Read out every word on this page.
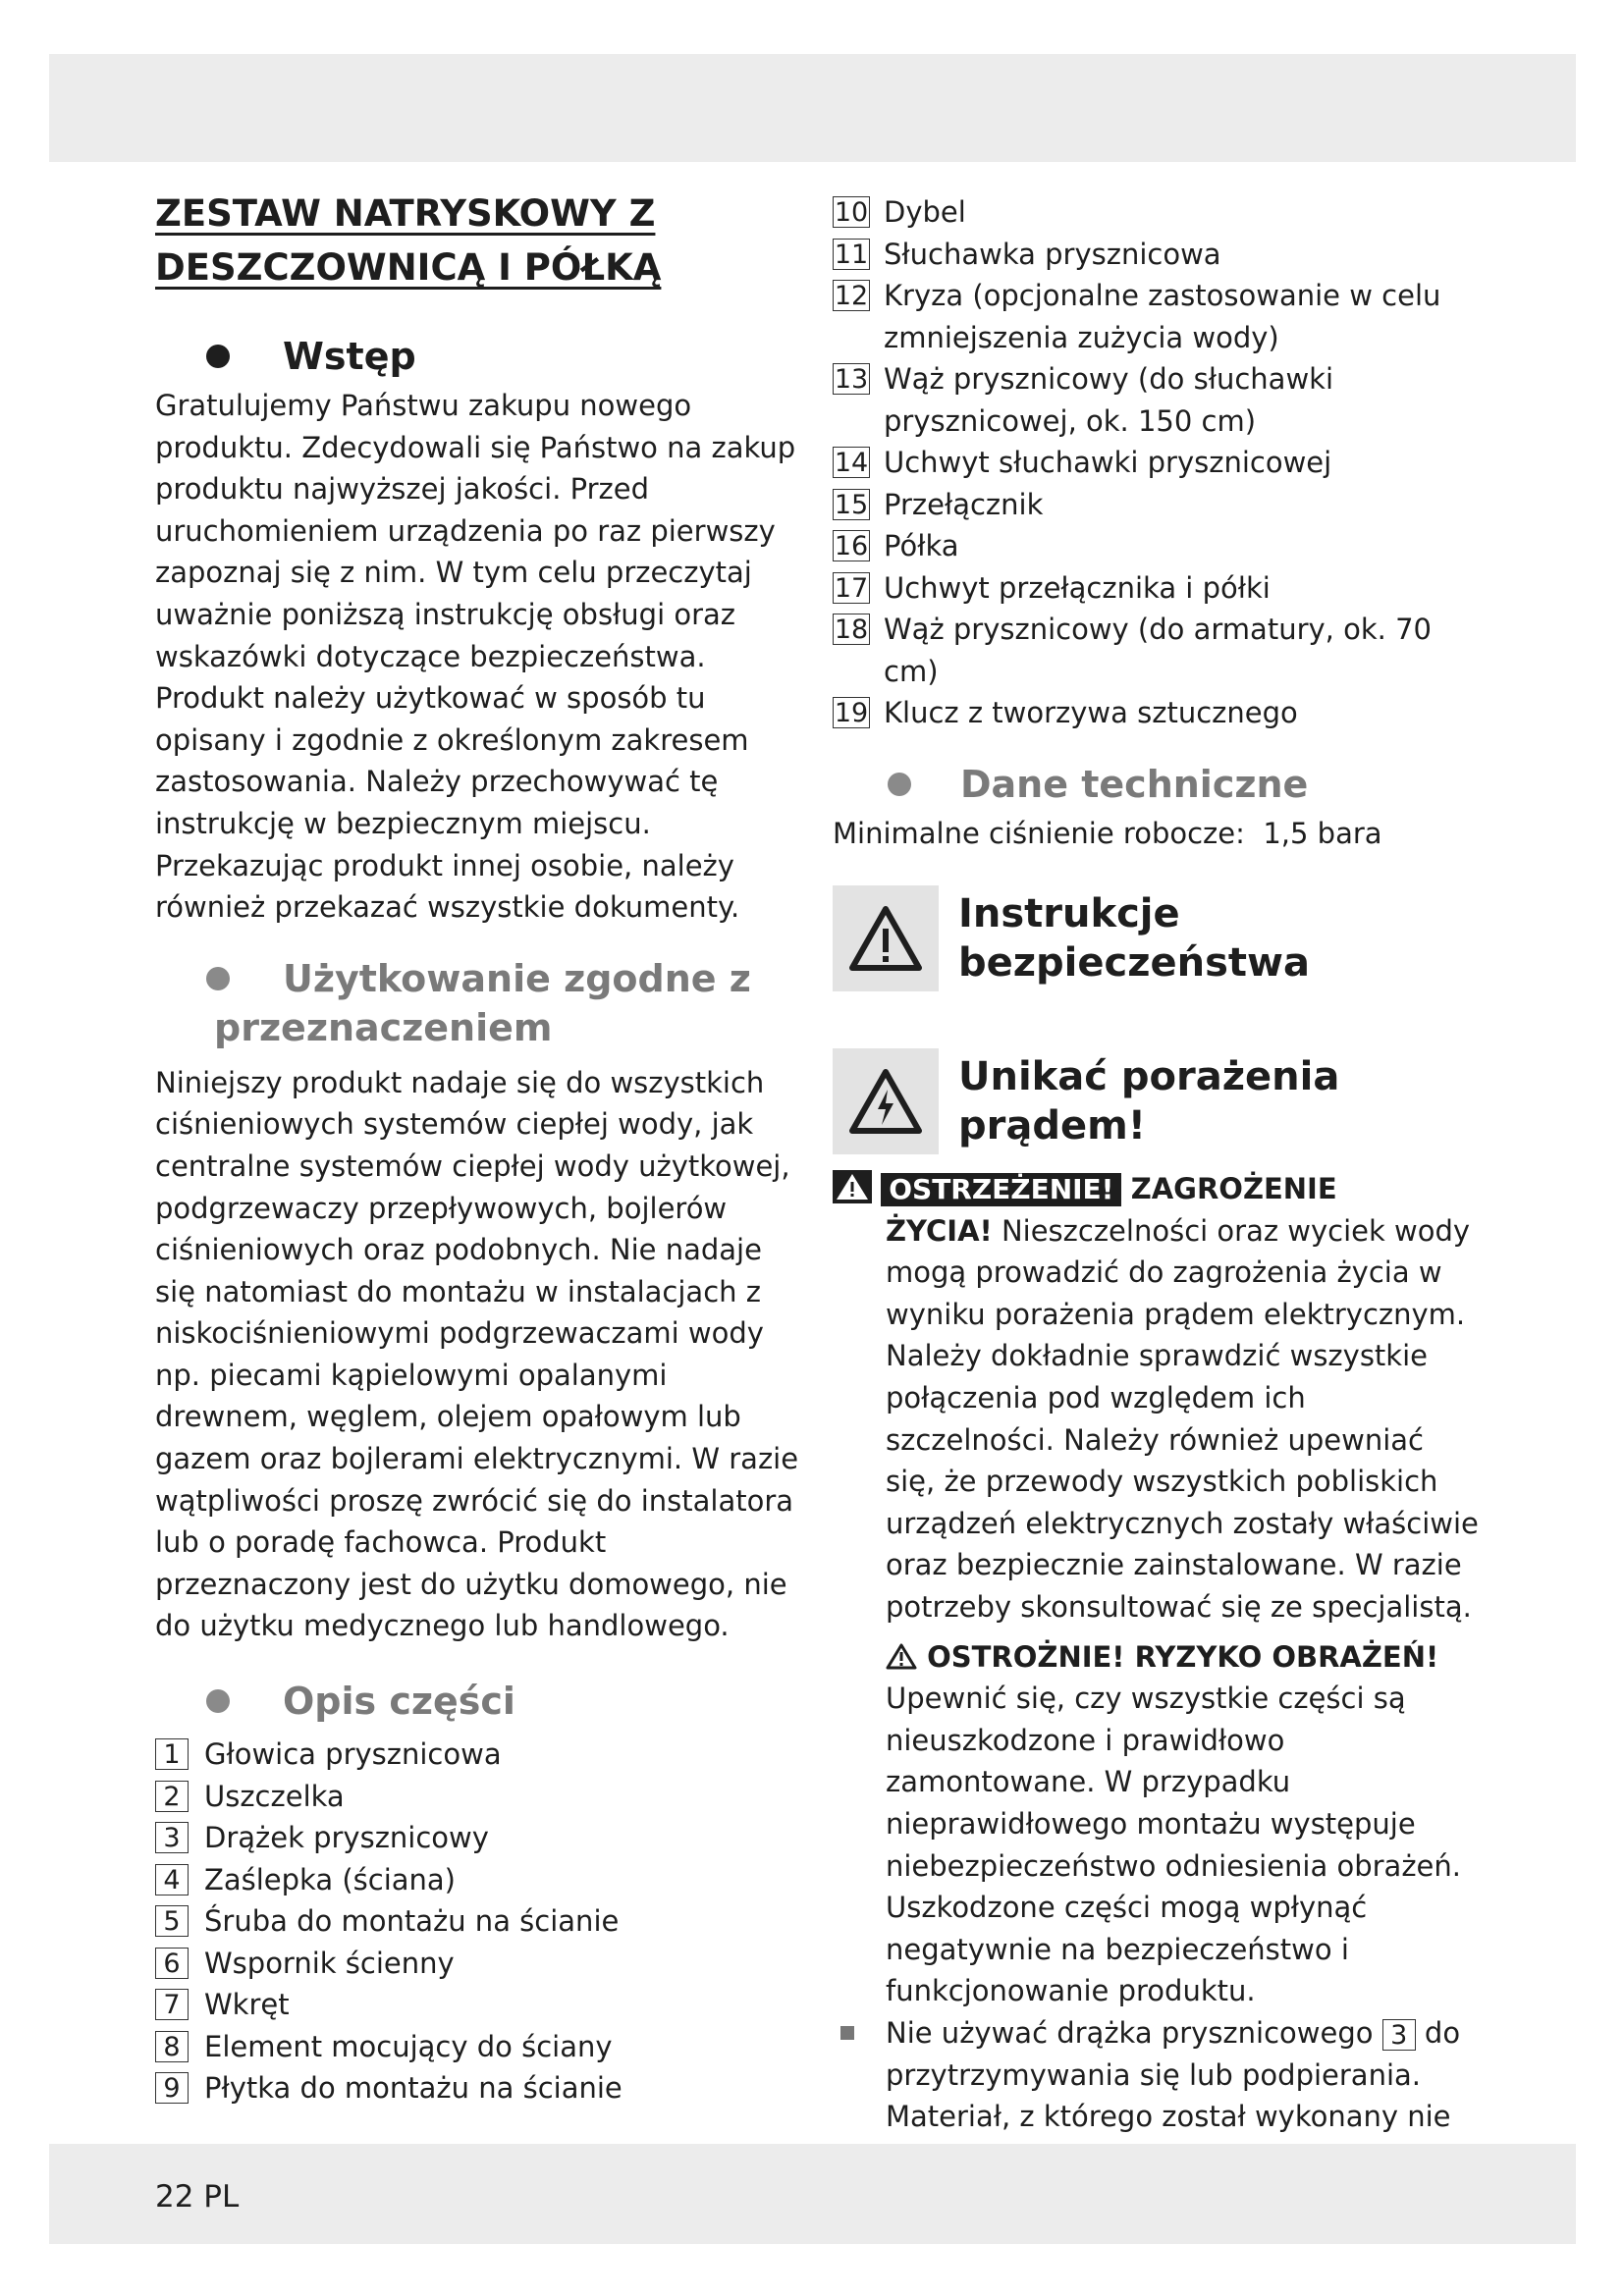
ZESTAW NATRYSKOWY Z
DESZCZOWNICĄ I PÓŁKĄ
Wstęp

Gratulujemy Państwu zakupu nowego produktu. Zdecydowali się Państwo na zakup produktu najwyższej jakości. Przed uruchomieniem urządzenia po raz pierwszy zapoznaj się z nim. W tym celu przeczytaj uważnie poniższą instrukcję obsługi oraz wskazówki dotyczące bezpieczeństwa. Produkt należy użytkować w sposób tu opisany i zgodnie z określonym zakresem zastosowania. Należy przechowywać tę instrukcję w bezpiecznym miejscu. Przekazując produkt innej osobie, należy również przekazać wszystkie dokumenty.

Użytkowanie zgodne z przeznaczeniem

Niniejszy produkt nadaje się do wszystkich ciśnieniowych systemów ciepłej wody, jak centralne systemów ciepłej wody użytkowej, podgrzewaczy przepływowych, bojlerów ciśnieniowych oraz podobnych. Nie nadaje się natomiast do montażu w instalacjach z niskociśnieniowymi podgrzewaczami wody np. piecami kąpielowymi opalanymi drewnem, węglem, olejem opałowym lub gazem oraz bojlerami elektrycznymi. W razie wątpliwości proszę zwrócić się do instalatora lub o poradę fachowca. Produkt przeznaczony jest do użytku domowego, nie do użytku medycznego lub handlowego.

Opis części
1 Głowica prysznicowa
2 Uszczelka
3 Drążek prysznicowy
4 Zaślepka (ściana)
5 Śruba do montażu na ścianie
6 Wspornik ścienny
7 Wkręt
8 Element mocujący do ściany
9 Płytka do montażu na ścianie
10 Dybel
11 Słuchawka prysznicowa
12 Kryza (opcjonalne zastosowanie w celu zmniejszenia zużycia wody)
13 Wąż prysznicowy (do słuchawki prysznicowej, ok. 150 cm)
14 Uchwyt słuchawki prysznicowej
15 Przełącznik
16 Półka
17 Uchwyt przełącznika i półki
18 Wąż prysznicowy (do armatury, ok. 70 cm)
19 Klucz z tworzywa sztucznego
Dane techniczne
Minimalne ciśnienie robocze: 1,5 bara
Instrukcje bezpieczeństwa
Unikać porażenia
prądem!
OSTRZEŻENIE! ZAGROŻENIE

ŻYCIA! Nieszczelności oraz wyciek wody mogą prowadzić do zagrożenia życia w wyniku porażenia prądem elektrycznym. Należy dokładnie sprawdzić wszystkie połączenia pod względem ich szczelności. Należy również upewniać się, że przewody wszystkich pobliskich urządzeń elektrycznych zostały właściwie oraz bezpiecznie zainstalowane. W razie potrzeby skonsultować się ze specjalistą.

OSTROŻNIE! RYZYKO OBRAŻEŃ!

Upewnić się, czy wszystkie części są nieuszkodzone i prawidłowo zamontowane. W przypadku nieprawidłowego montażu występuje niebezpieczeństwo odniesienia obrażeń. Uszkodzone części mogą wpłynąć negatywnie na bezpieczeństwo i funkcjonowanie produktu.

Nie używać drążka prysznicowego 3 do przytrzymywania się lub podpierania. Materiał, z którego został wykonany nie
22 PL
